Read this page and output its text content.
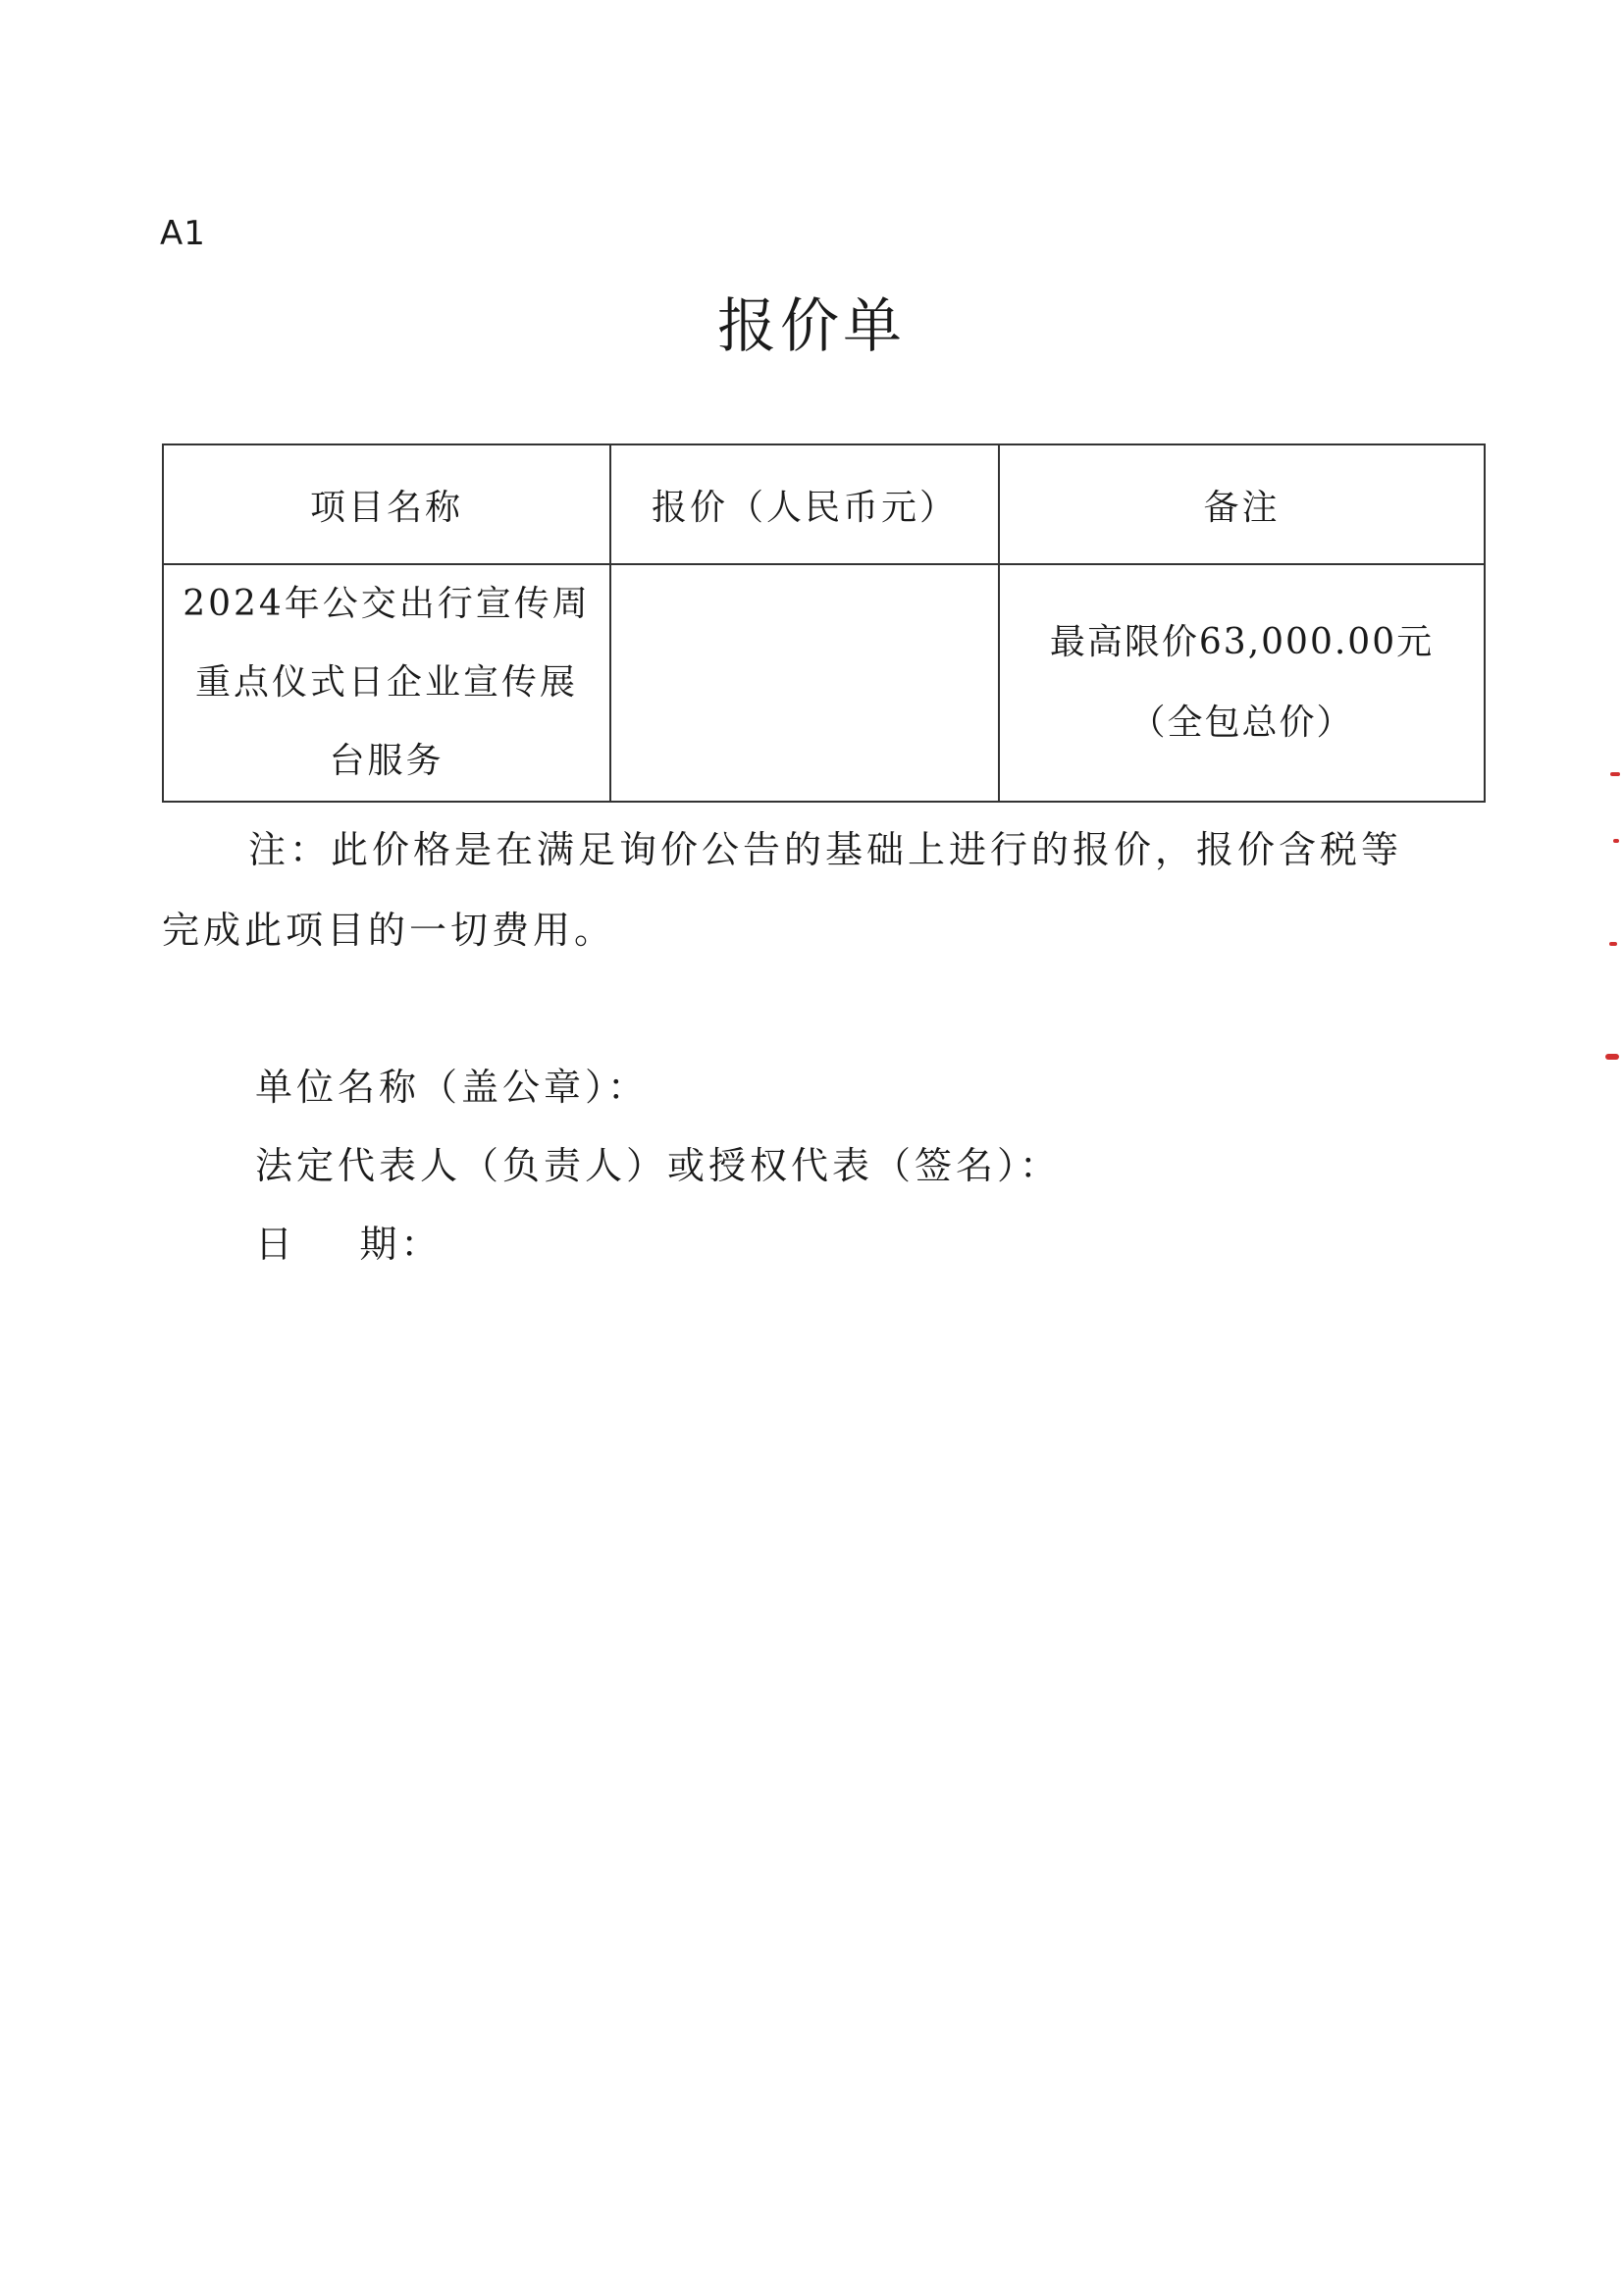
A1
报价单
项目名称	报价（人民币元）	备注
2024年公交出行宣传周重点仪式日企业宣传展台服务		最高限价63,000.00元
（全包总价）
注：此价格是在满足询价公告的基础上进行的报价，报价含税等完成此项目的一切费用。
单位名称（盖公章）：
法定代表人（负责人）或授权代表（签名）：
日    期：
